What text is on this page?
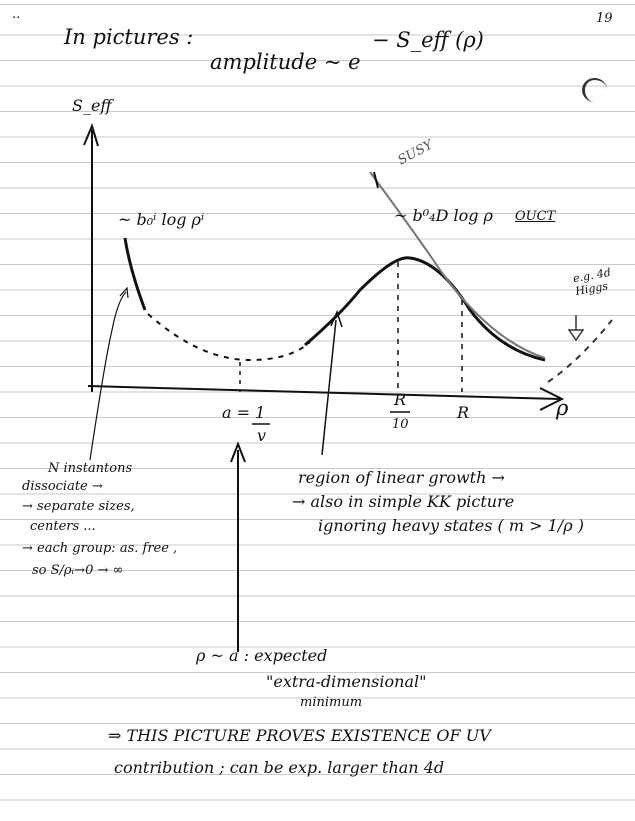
..	19
In pictures :
amplitude ~ e
− S_eff (ρ)
S_eff
ρ
~ b₀ⁱ log ρⁱ	~ b⁰₄D log ρ OUCT
SUSY
e.g. 4d Higgs
a = 1
v
R
10
R
N instantons
dissociate →
→ separate sizes,
centers ...
→ each group: as. free ,
so S/ρᵢ→0 → ∞
region of linear growth →
→ also in simple KK picture
ignoring heavy states ( m > 1/ρ )
ρ ~ a : expected
"extra-dimensional"
minimum
⇒ THIS PICTURE PROVES EXISTENCE OF UV
contribution ; can be exp. larger than 4d
